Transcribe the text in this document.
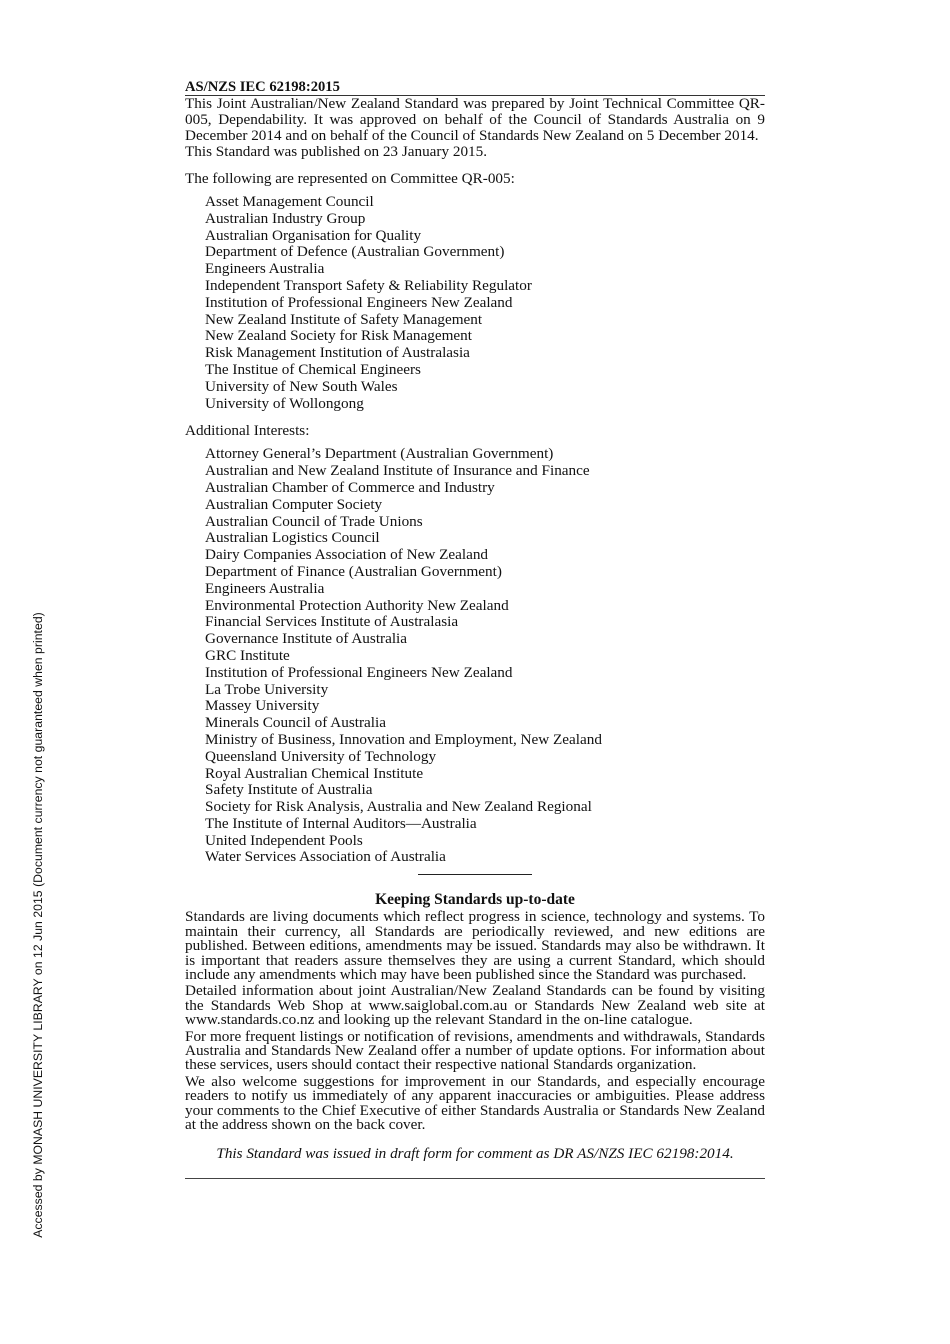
Accessed by MONASH UNIVERSITY LIBRARY on 12 Jun 2015 (Document currency not guaranteed when printed)

AS/NZS IEC 62198:2015

This Joint Australian/New Zealand Standard was prepared by Joint Technical Committee QR-005, Dependability. It was approved on behalf of the Council of Standards Australia on 9 December 2014 and on behalf of the Council of Standards New Zealand on 5 December 2014.

This Standard was published on 23 January 2015.

The following are represented on Committee QR-005:

Asset Management Council
Australian Industry Group
Australian Organisation for Quality
Department of Defence (Australian Government)
Engineers Australia
Independent Transport Safety & Reliability Regulator
Institution of Professional Engineers New Zealand
New Zealand Institute of Safety Management
New Zealand Society for Risk Management
Risk Management Institution of Australasia
The Institue of Chemical Engineers
University of New South Wales
University of Wollongong

Additional Interests:

Attorney General’s Department (Australian Government)
Australian and New Zealand Institute of Insurance and Finance
Australian Chamber of Commerce and Industry
Australian Computer Society
Australian Council of Trade Unions
Australian Logistics Council
Dairy Companies Association of New Zealand
Department of Finance (Australian Government)
Engineers Australia
Environmental Protection Authority New Zealand
Financial Services Institute of Australasia
Governance Institute of Australia
GRC Institute
Institution of Professional Engineers New Zealand
La Trobe University
Massey University
Minerals Council of Australia
Ministry of Business, Innovation and Employment, New Zealand
Queensland University of Technology
Royal Australian Chemical Institute
Safety Institute of Australia
Society for Risk Analysis, Australia and New Zealand Regional
The Institute of Internal Auditors—Australia
United Independent Pools
Water Services Association of Australia
Keeping Standards up-to-date

Standards are living documents which reflect progress in science, technology and systems. To maintain their currency, all Standards are periodically reviewed, and new editions are published. Between editions, amendments may be issued. Standards may also be withdrawn. It is important that readers assure themselves they are using a current Standard, which should include any amendments which may have been published since the Standard was purchased.

Detailed information about joint Australian/New Zealand Standards can be found by visiting the Standards Web Shop at www.saiglobal.com.au or Standards New Zealand web site at www.standards.co.nz and looking up the relevant Standard in the on-line catalogue.

For more frequent listings or notification of revisions, amendments and withdrawals, Standards Australia and Standards New Zealand offer a number of update options. For information about these services, users should contact their respective national Standards organization.

We also welcome suggestions for improvement in our Standards, and especially encourage readers to notify us immediately of any apparent inaccuracies or ambiguities. Please address your comments to the Chief Executive of either Standards Australia or Standards New Zealand at the address shown on the back cover.

This Standard was issued in draft form for comment as DR AS/NZS IEC 62198:2014.
